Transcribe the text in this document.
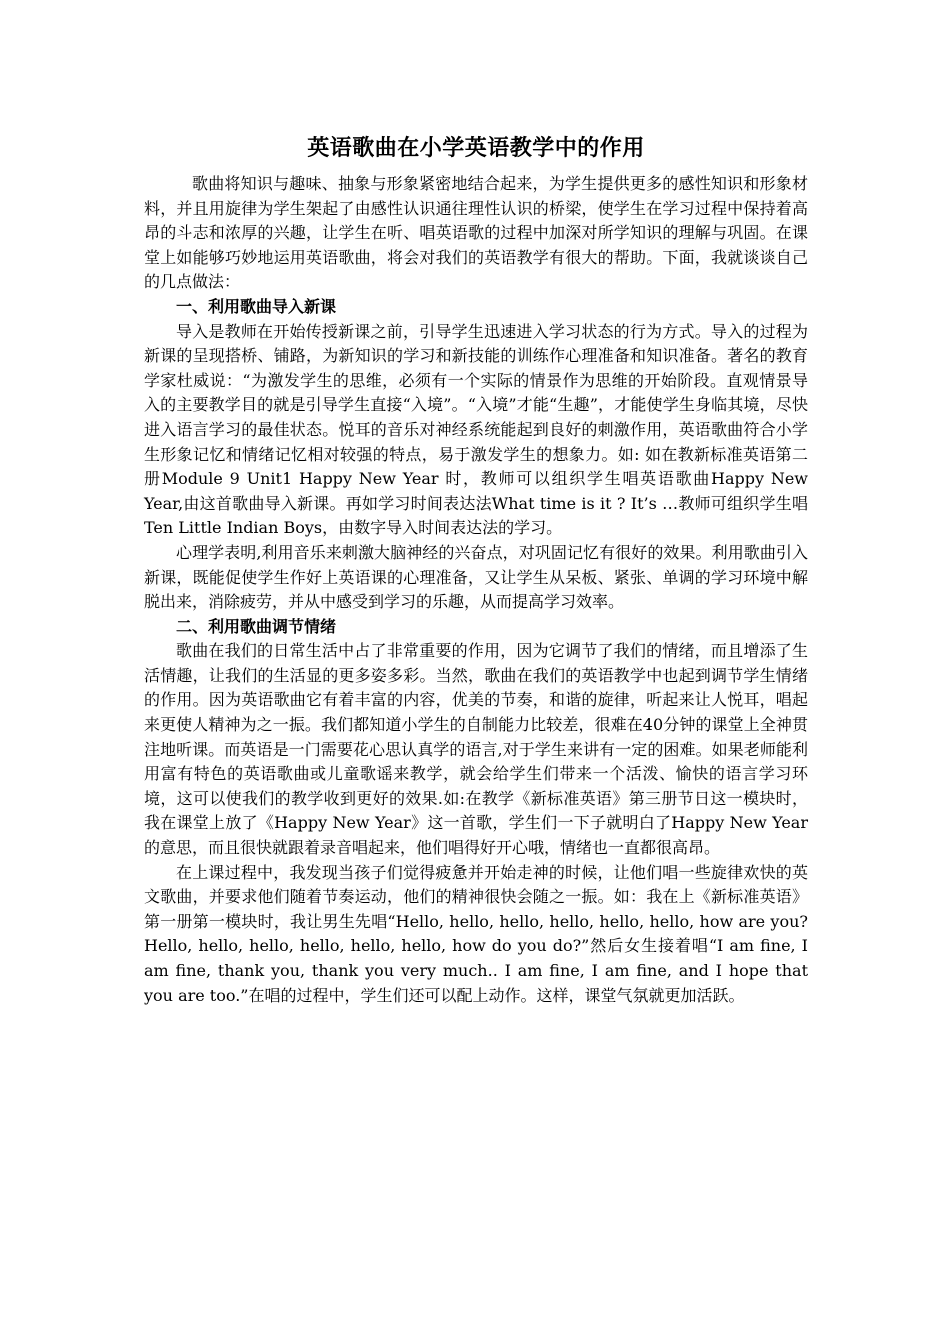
英语歌曲在小学英语教学中的作用

歌曲将知识与趣味、抽象与形象紧密地结合起来，为学生提供更多的感性知识和形象材料，并且用旋律为学生架起了由感性认识通往理性认识的桥梁，使学生在学习过程中保持着高昂的斗志和浓厚的兴趣，让学生在听、唱英语歌的过程中加深对所学知识的理解与巩固。在课堂上如能够巧妙地运用英语歌曲，将会对我们的英语教学有很大的帮助。下面，我就谈谈自己的几点做法：

一、利用歌曲导入新课

导入是教师在开始传授新课之前，引导学生迅速进入学习状态的行为方式。导入的过程为新课的呈现搭桥、铺路，为新知识的学习和新技能的训练作心理准备和知识准备。著名的教育学家杜威说：“为激发学生的思维，必须有一个实际的情景作为思维的开始阶段。直观情景导入的主要教学目的就是引导学生直接“入境”。“入境”才能“生趣”，才能使学生身临其境，尽快进入语言学习的最佳状态。悦耳的音乐对神经系统能起到良好的刺激作用，英语歌曲符合小学生形象记忆和情绪记忆相对较强的特点，易于激发学生的想象力。如: 如在教新标准英语第二册Module 9 Unit1 Happy New Year 时，教师可以组织学生唱英语歌曲Happy New Year,由这首歌曲导入新课。再如学习时间表达法What time is it ? It’s …教师可组织学生唱Ten Little Indian Boys，由数字导入时间表达法的学习。

心理学表明,利用音乐来刺激大脑神经的兴奋点，对巩固记忆有很好的效果。利用歌曲引入新课，既能促使学生作好上英语课的心理准备，又让学生从呆板、紧张、单调的学习环境中解脱出来，消除疲劳，并从中感受到学习的乐趣，从而提高学习效率。

二、利用歌曲调节情绪

歌曲在我们的日常生活中占了非常重要的作用，因为它调节了我们的情绪，而且增添了生活情趣，让我们的生活显的更多姿多彩。当然，歌曲在我们的英语教学中也起到调节学生情绪的作用。因为英语歌曲它有着丰富的内容，优美的节奏，和谐的旋律，听起来让人悦耳，唱起来更使人精神为之一振。我们都知道小学生的自制能力比较差，很难在40分钟的课堂上全神贯注地听课。而英语是一门需要花心思认真学的语言,对于学生来讲有一定的困难。如果老师能利用富有特色的英语歌曲或儿童歌谣来教学，就会给学生们带来一个活泼、愉快的语言学习环境，这可以使我们的教学收到更好的效果.如:在教学《新标准英语》第三册节日这一模块时，我在课堂上放了《Happy New Year》这一首歌，学生们一下子就明白了Happy New Year的意思，而且很快就跟着录音唱起来，他们唱得好开心哦，情绪也一直都很高昂。

在上课过程中，我发现当孩子们觉得疲惫并开始走神的时候，让他们唱一些旋律欢快的英文歌曲，并要求他们随着节奏运动，他们的精神很快会随之一振。如：我在上《新标准英语》第一册第一模块时，我让男生先唱“Hello, hello, hello, hello, hello, hello, how are you? Hello, hello, hello, hello, hello, hello, how do you do?”然后女生接着唱“I am fine, I am fine, thank you, thank you very much.. I am fine, I am fine, and I hope that you are too.”在唱的过程中，学生们还可以配上动作。这样，课堂气氛就更加活跃。
